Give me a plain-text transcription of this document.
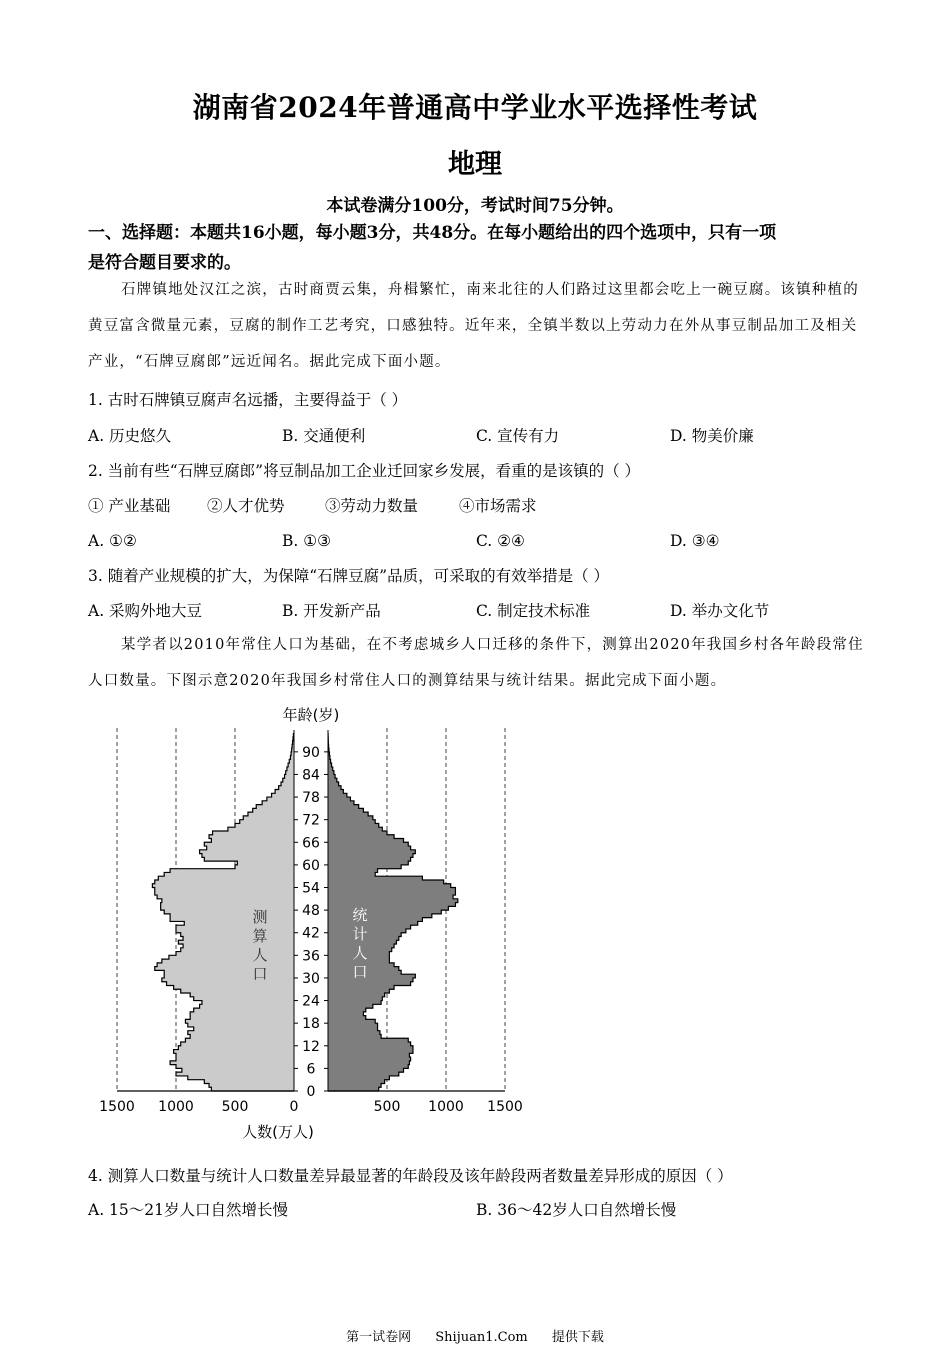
湖南省2024年普通高中学业水平选择性考试
地理
本试卷满分100分，考试时间75分钟。
一、选择题：本题共16小题，每小题3分，共48分。在每小题给出的四个选项中，只有一项
是符合题目要求的。
石牌镇地处汉江之滨，古时商贾云集，舟楫繁忙，南来北往的人们路过这里都会吃上一碗豆腐。该镇种植的黄豆富含微量元素，豆腐的制作工艺考究，口感独特。近年来，全镇半数以上劳动力在外从事豆制品加工及相关产业，“石牌豆腐郎”远近闻名。据此完成下面小题。
1. 古时石牌镇豆腐声名远播，主要得益于（ ）
A. 历史悠久	B. 交通便利	C. 宣传有力	D. 物美价廉
2. 当前有些“石牌豆腐郎”将豆制品加工企业迁回家乡发展，看重的是该镇的（ ）
① 产业基础 ②人才优势	③劳动力数量	④市场需求
A. ①②	B. ①③	C. ②④	D. ③④
3. 随着产业规模的扩大，为保障“石牌豆腐”品质，可采取的有效举措是（ ）
A. 采购外地大豆	B. 开发新产品	C. 制定技术标准	D. 举办文化节
某学者以2010年常住人口为基础，在不考虑城乡人口迁移的条件下，测算出2020年我国乡村各年龄段常住人口数量。下图示意2020年我国乡村常住人口的测算结果与统计结果。据此完成下面小题。
0
6
12
18
24
30
36
42
48
54
60
66
72
78
84
90
年龄(岁)
1500 1000 500	0	500 1000 1500
人数(万人)
测
算
人
口
统
计
人
口
4. 测算人口数量与统计人口数量差异最显著的年龄段及该年龄段两者数量差异形成的原因（ ）
A. 15～21岁人口自然增长慢	B. 36～42岁人口自然增长慢
第一试卷网 Shijuan1.Com 提供下载
